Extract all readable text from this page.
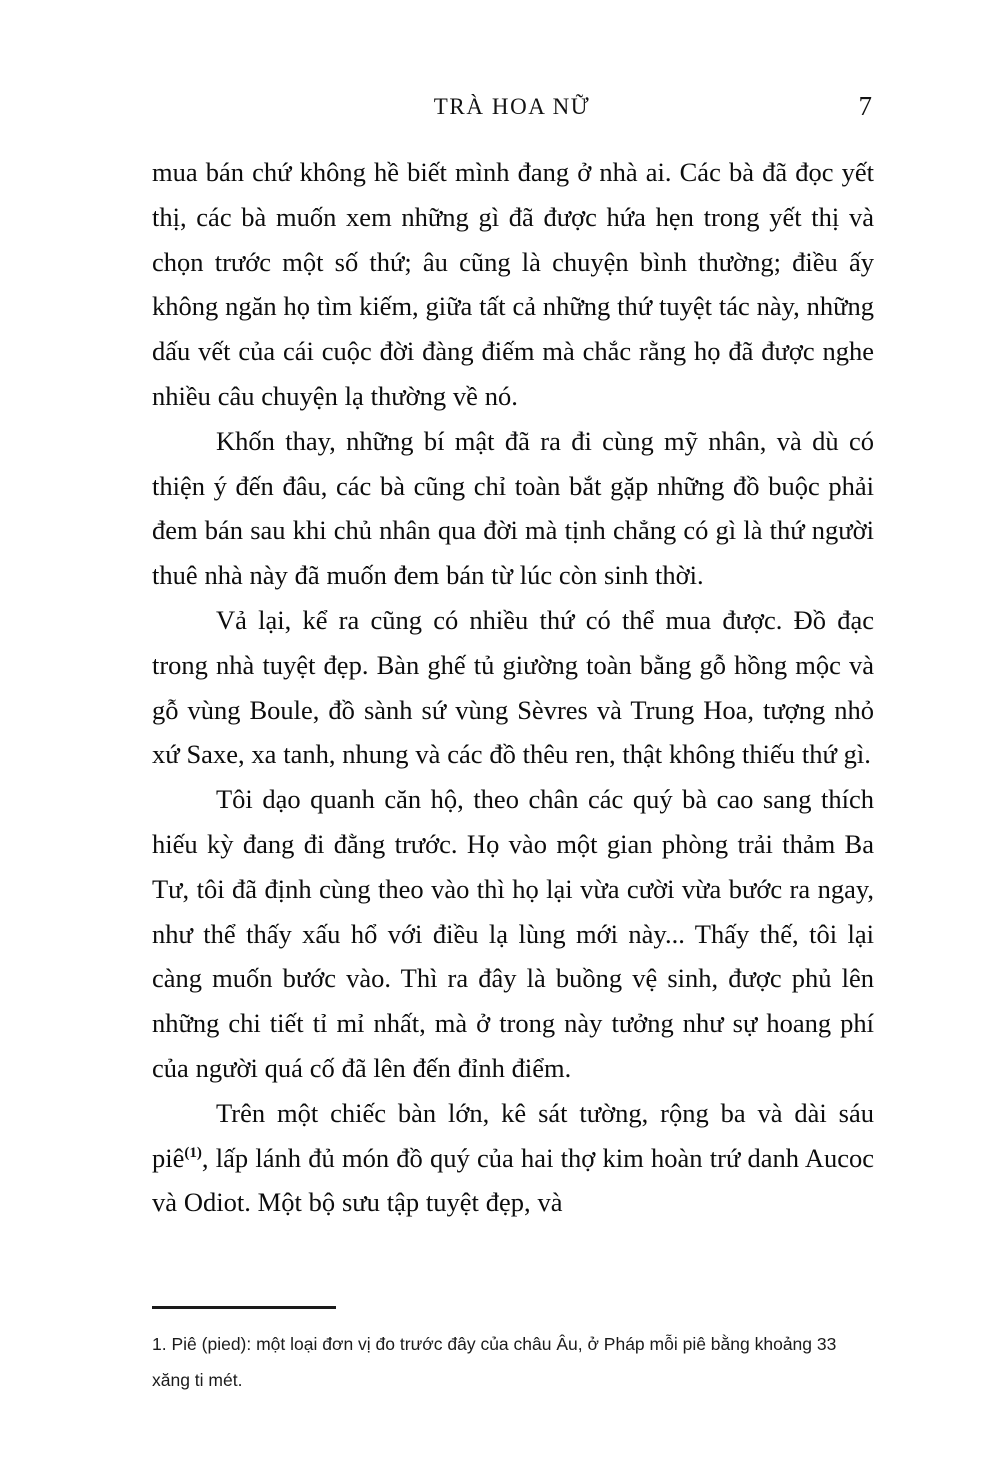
TRÀ HOA NỮ	7

mua bán chứ không hề biết mình đang ở nhà ai. Các bà đã đọc yết thị, các bà muốn xem những gì đã được hứa hẹn trong yết thị và chọn trước một số thứ; âu cũng là chuyện bình thường; điều ấy không ngăn họ tìm kiếm, giữa tất cả những thứ tuyệt tác này, những dấu vết của cái cuộc đời đàng điếm mà chắc rằng họ đã được nghe nhiều câu chuyện lạ thường về nó.

Khốn thay, những bí mật đã ra đi cùng mỹ nhân, và dù có thiện ý đến đâu, các bà cũng chỉ toàn bắt gặp những đồ buộc phải đem bán sau khi chủ nhân qua đời mà tịnh chẳng có gì là thứ người thuê nhà này đã muốn đem bán từ lúc còn sinh thời.

Vả lại, kể ra cũng có nhiều thứ có thể mua được. Đồ đạc trong nhà tuyệt đẹp. Bàn ghế tủ giường toàn bằng gỗ hồng mộc và gỗ vùng Boule, đồ sành sứ vùng Sèvres và Trung Hoa, tượng nhỏ xứ Saxe, xa tanh, nhung và các đồ thêu ren, thật không thiếu thứ gì.

Tôi dạo quanh căn hộ, theo chân các quý bà cao sang thích hiếu kỳ đang đi đằng trước. Họ vào một gian phòng trải thảm Ba Tư, tôi đã định cùng theo vào thì họ lại vừa cười vừa bước ra ngay, như thể thấy xấu hổ với điều lạ lùng mới này... Thấy thế, tôi lại càng muốn bước vào. Thì ra đây là buồng vệ sinh, được phủ lên những chi tiết tỉ mỉ nhất, mà ở trong này tưởng như sự hoang phí của người quá cố đã lên đến đỉnh điểm.

Trên một chiếc bàn lớn, kê sát tường, rộng ba và dài sáu piê$^{(1)}$, lấp lánh đủ món đồ quý của hai thợ kim hoàn trứ danh Aucoc và Odiot. Một bộ sưu tập tuyệt đẹp, và

1. Piê (pied): một loại đơn vị đo trước đây của châu Âu, ở Pháp mỗi piê bằng khoảng 33 xăng ti mét.
